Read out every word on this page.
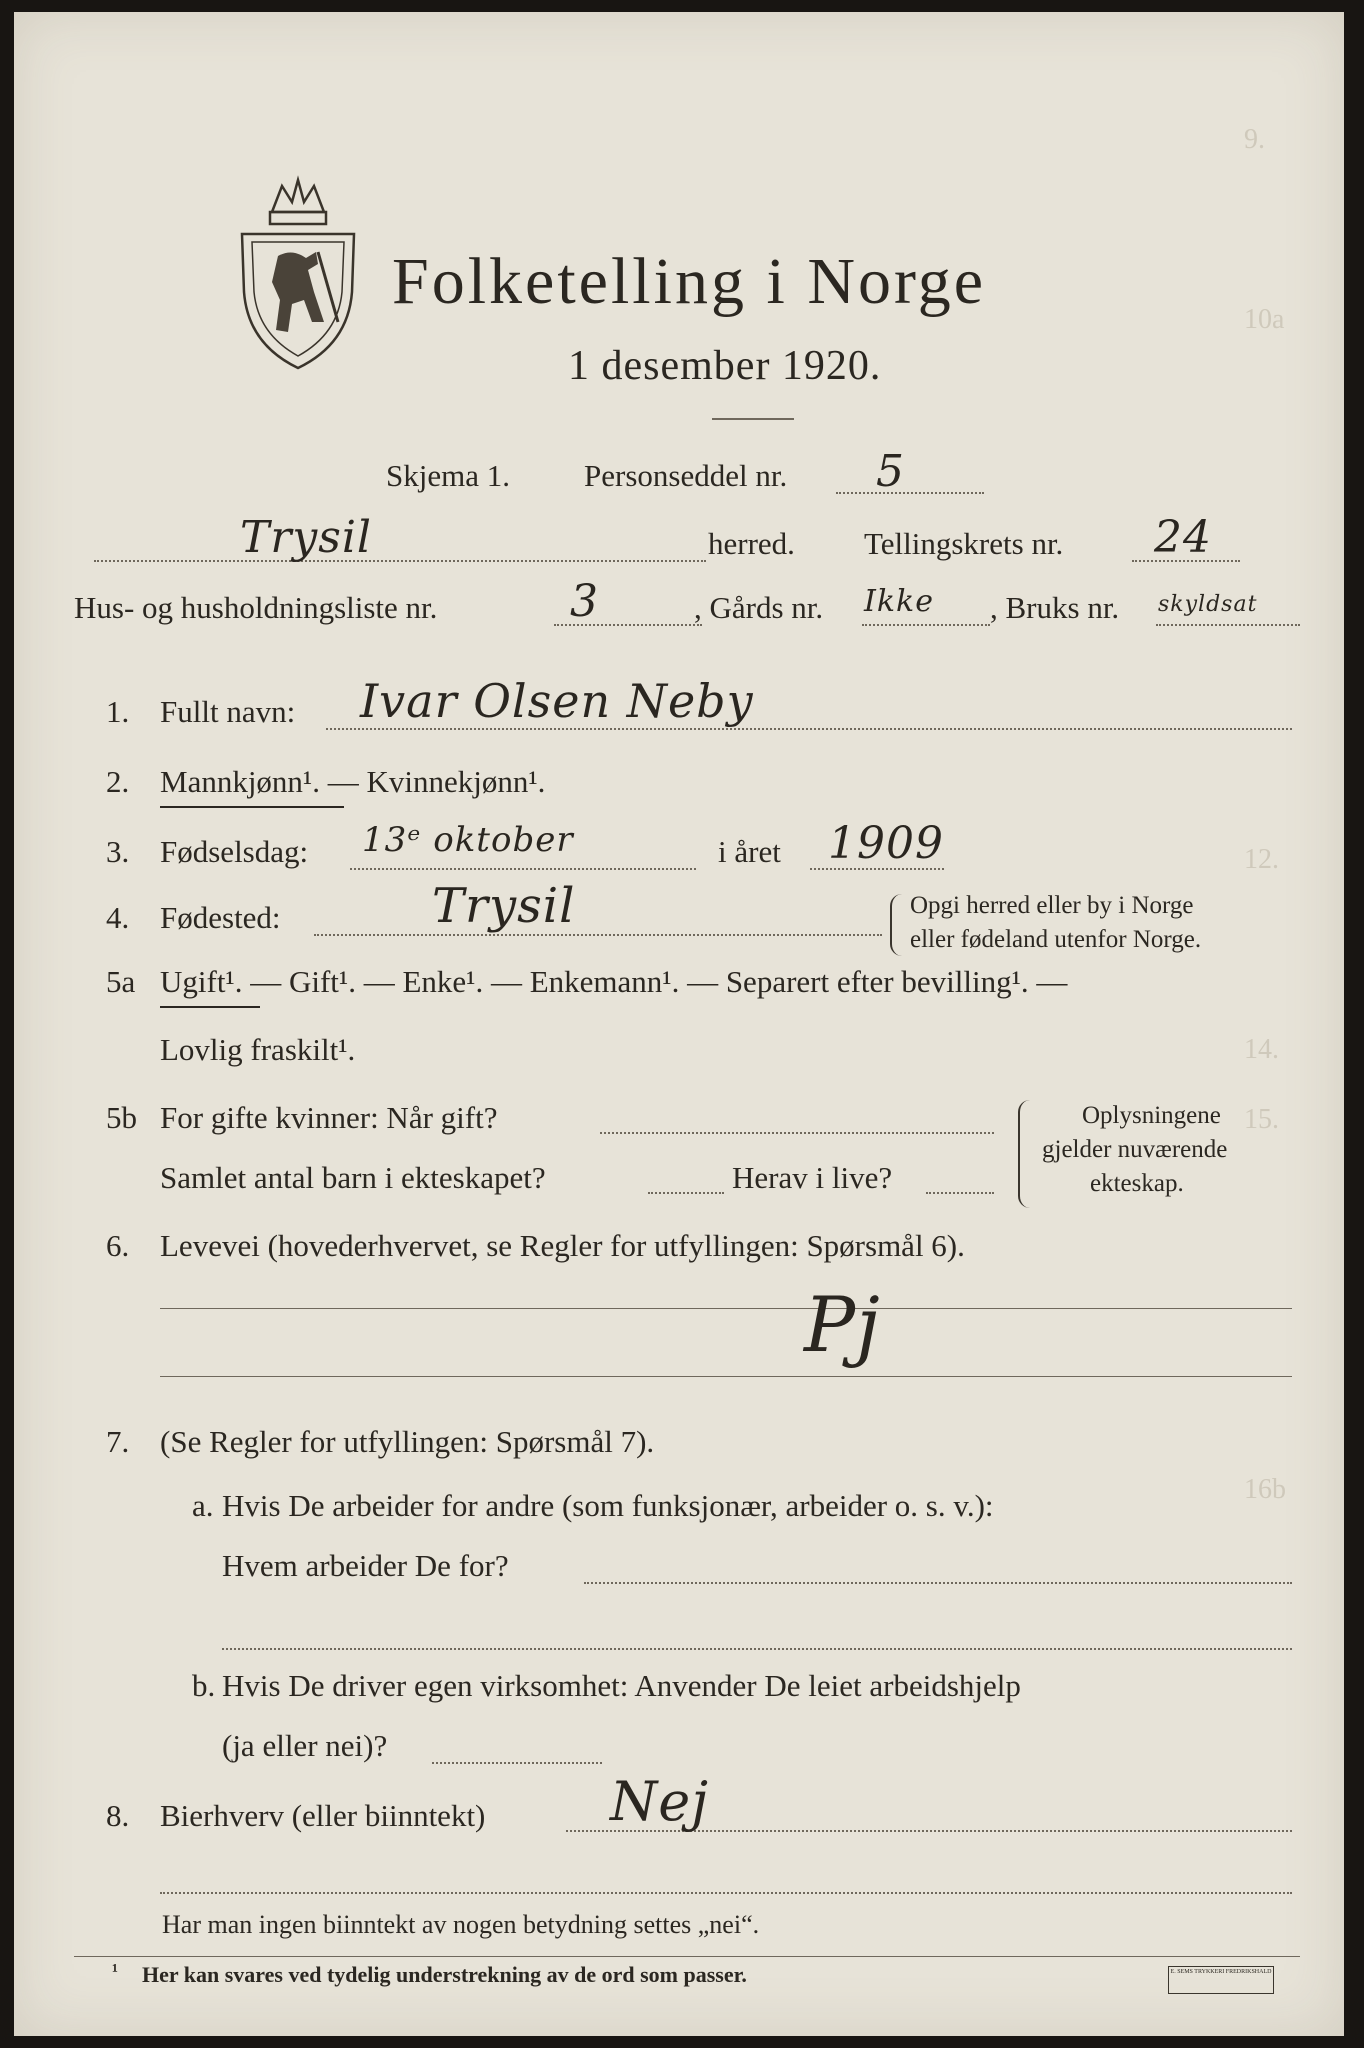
9.
10a
12.
14.
15.
16b
Folketelling i Norge
1 desember 1920.
Skjema 1. Personseddel nr. 5
Trysil	herred. Tellingskrets nr. 24
Hus- og husholdningsliste nr.	3	, Gårds nr. Ikke , Bruks nr. skyldsat
1. Fullt navn: Ivar Olsen Neby
2. Mannkjønn¹. — Kvinnekjønn¹.
3. Fødselsdag: 13ᵉ oktober	i året 1909
4. Fødested:	Trysil	Opgi herred eller by i Norge
eller fødeland utenfor Norge.
5a Ugift¹. — Gift¹. — Enke¹. — Enkemann¹. — Separert efter bevilling¹. —
Lovlig fraskilt¹.
5b For gifte kvinner: Når gift?
Samlet antal barn i ekteskapet?	Herav i live?
Oplysningene
gjelder nuværende
ekteskap.
6. Levevei (hovederhvervet, se Regler for utfyllingen: Spørsmål 6).
Pj
7. (Se Regler for utfyllingen: Spørsmål 7).
a. Hvis De arbeider for andre (som funksjonær, arbeider o. s. v.):
Hvem arbeider De for?
b. Hvis De driver egen virksomhet: Anvender De leiet arbeidshjelp
(ja eller nei)?
8. Bierhverv (eller biinntekt) Nej
Har man ingen biinntekt av nogen betydning settes „nei“.
¹ Her kan svares ved tydelig understrekning av de ord som passer.	E. SEMS TRYKKERI FREDRIKSHALD
